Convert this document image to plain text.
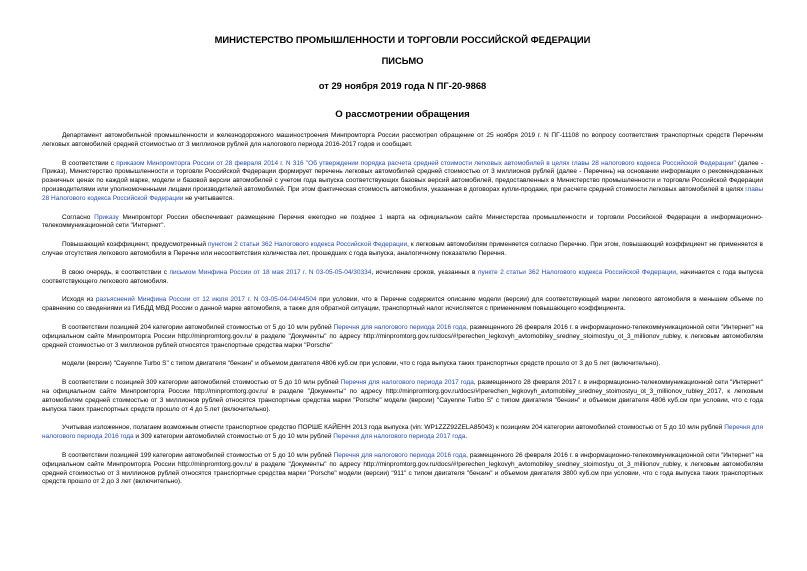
МИНИСТЕРСТВО ПРОМЫШЛЕННОСТИ И ТОРГОВЛИ РОССИЙСКОЙ ФЕДЕРАЦИИ
ПИСЬМО
от 29 ноября 2019 года N ПГ-20-9868
О рассмотрении обращения

Департамент автомобильной промышленности и железнодорожного машиностроения Минпромторга России рассмотрел обращение от 25 ноября 2019 г. N ПГ-11108 по вопросу соответствия транспортных средств Перечням легковых автомобилей средней стоимостью от 3 миллионов рублей для налогового периода 2016-2017 годов и сообщает.

В соответствии с приказом Минпромторга России от 28 февраля 2014 г. N 316 "Об утверждении порядка расчета средней стоимости легковых автомобилей в целях главы 28 налогового кодекса Российской Федерации" (далее - Приказ), Министерство промышленности и торговли Российской Федерации формирует перечень легковых автомобилей средней стоимостью от 3 миллионов рублей (далее - Перечень) на основании информации о рекомендованных розничных ценах по каждой марке, модели и базовой версии автомобилей с учетом года выпуска соответствующих базовых версий автомобилей, предоставленных в Министерство промышленности и торговли Российской Федерации производителями или уполномоченными лицами производителей автомобилей. При этом фактическая стоимость автомобиля, указанная в договорах купли-продажи, при расчете средней стоимости легковых автомобилей в целях главы 28 Налогового кодекса Российской Федерации не учитывается.

Согласно Приказу Минпромторг России обеспечивает размещение Перечня ежегодно не позднее 1 марта на официальном сайте Министерства промышленности и торговли Российской Федерации в информационно-телекоммуникационной сети "Интернет".

Повышающий коэффициент, предусмотренный пунктом 2 статьи 362 Налогового кодекса Российской Федерации, к легковым автомобилям применяется согласно Перечню. При этом, повышающий коэффициент не применяется в случае отсутствия легкового автомобиля в Перечне или несоответствия количества лет, прошедших с года выпуска, аналогичному показателю Перечня.

В свою очередь, в соответствии с письмом Минфина России от 18 мая 2017 г. N 03-05-05-04/30334, исчисление сроков, указанных в пункте 2 статьи 362 Налогового кодекса Российской Федерации, начинается с года выпуска соответствующего легкового автомобиля.

Исходя из разъяснений Минфина России от 12 июля 2017 г. N 03-05-04-04/44504 при условии, что в Перечне содержится описание модели (версии) для соответствующей марки легкового автомобиля в меньшем объеме по сравнению со сведениями из ГИБДД МВД России о данной марке автомобиля, а также для обратной ситуации, транспортный налог исчисляется с применением повышающего коэффициента.

В соответствии позицией 204 категории автомобилей стоимостью от 5 до 10 млн рублей Перечня для налогового периода 2016 года, размещенного 26 февраля 2016 г. в информационно-телекоммуникационной сети "Интернет" на официальном сайте Минпромторга России http://minpromtorg.gov.ru/ в разделе "Документы" по адресу http://minpromtorg.gov.ru/docs/#!perechen_legkovyh_avtomobiley_sredney_stoimostyu_ot_3_millionov_rubley, к легковым автомобилям средней стоимостью от 3 миллионов рублей относятся транспортные средства марки "Porsche"

модели (версии) "Cayenne Turbo S" с типом двигателя "бензин" и объемом двигателя 4806 куб.см при условии, что с года выпуска таких транспортных средств прошло от 3 до 5 лет (включительно).

В соответствии с позицией 309 категории автомобилей стоимостью от 5 до 10 млн рублей Перечня для налогового периода 2017 года, размещенного 28 февраля 2017 г. в информационно-телекоммуникационной сети "Интернет" на официальном сайте Минпромторга России http://minpromtorg.gov.ru/ в разделе "Документы" по адресу http://minpromtorg.gov.ru/docs/#!perechen_legkovyh_avtomobiley_sredney_stoimostyu_ot_3_millionov_rubley_2017, к легковым автомобилям средней стоимостью от 3 миллионов рублей относятся транспортные средства марки "Porsche" модели (версии) "Cayenne Turbo S" с типом двигателя "бензин" и объемом двигателя 4806 куб.см при условии, что с года выпуска таких транспортных средств прошло от 4 до 5 лет (включительно).

Учитывая изложенное, полагаем возможным отнести транспортное средство ПОРШЕ КАЙЕНН 2013 года выпуска (vin: WP1ZZZ92ZELA85043) к позициям 204 категории автомобилей стоимостью от 5 до 10 млн рублей Перечня для налогового периода 2016 года и 309 категории автомобилей стоимостью от 5 до 10 млн рублей Перечня для налогового периода 2017 года.

В соответствии позицией 199 категории автомобилей стоимостью от 5 до 10 млн рублей Перечня для налогового периода 2016 года, размещенного 26 февраля 2016 г. в информационно-телекоммуникационной сети "Интернет" на официальном сайте Минпромторга России http://minpromtorg.gov.ru/ в разделе "Документы" по адресу http://minpromtorg.gov.ru/docs/#!perechen_legkovyh_avtomobiley_sredney_stoimostyu_ot_3_millionov_rubley, к легковым автомобилям средней стоимостью от 3 миллионов рублей относятся транспортные средства марки "Porsche" модели (версии) "911" с типом двигателя "бензин" и объемом двигателя 3800 куб.см при условии, что с года выпуска таких транспортных средств прошло от 2 до 3 лет (включительно).
